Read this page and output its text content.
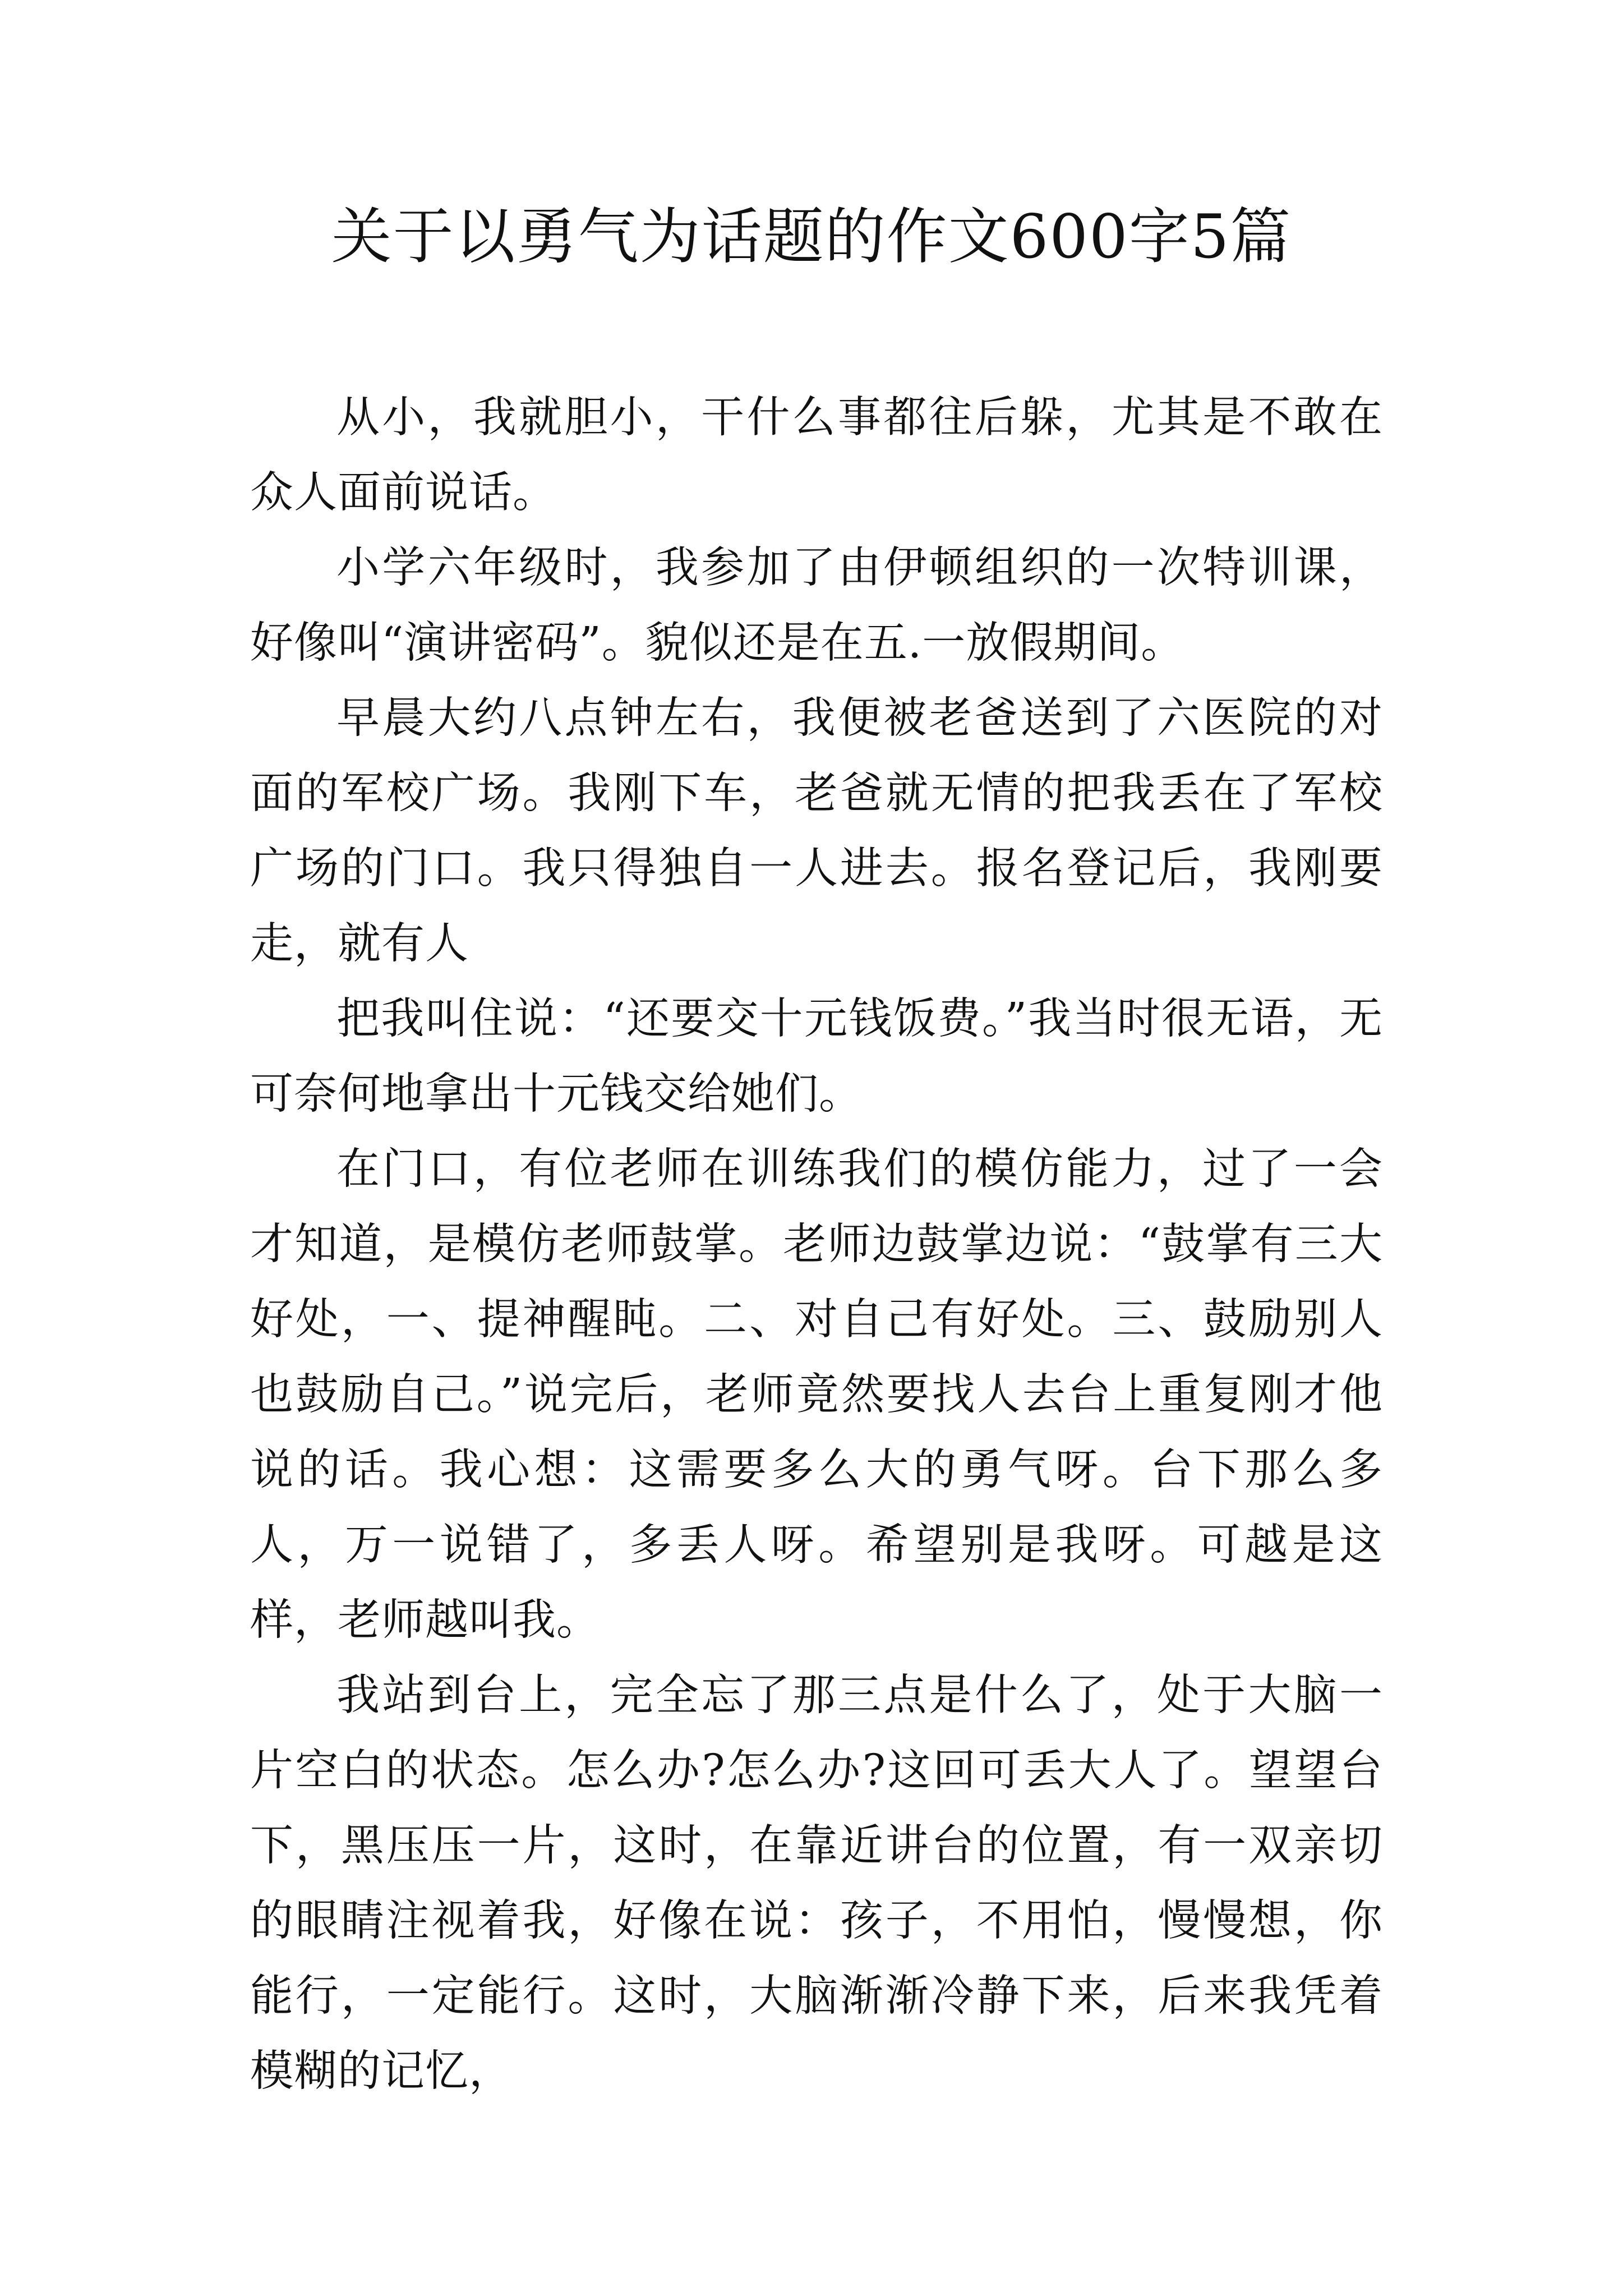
关于以勇气为话题的作文600字5篇

从小，我就胆小，干什么事都往后躲，尤其是不敢在众人面前说话。

小学六年级时，我参加了由伊顿组织的一次特训课，好像叫“演讲密码”。貌似还是在五.一放假期间。

早晨大约八点钟左右，我便被老爸送到了六医院的对面的军校广场。我刚下车，老爸就无情的把我丢在了军校广场的门口。我只得独自一人进去。报名登记后，我刚要走，就有人

把我叫住说：“还要交十元钱饭费。”我当时很无语，无可奈何地拿出十元钱交给她们。

在门口，有位老师在训练我们的模仿能力，过了一会才知道，是模仿老师鼓掌。老师边鼓掌边说：“鼓掌有三大好处，一、提神醒盹。二、对自己有好处。三、鼓励别人也鼓励自己。”说完后，老师竟然要找人去台上重复刚才他说的话。我心想：这需要多么大的勇气呀。台下那么多人，万一说错了，多丢人呀。希望别是我呀。可越是这样，老师越叫我。

我站到台上，完全忘了那三点是什么了，处于大脑一片空白的状态。怎么办?怎么办?这回可丢大人了。望望台下，黑压压一片，这时，在靠近讲台的位置，有一双亲切的眼睛注视着我，好像在说：孩子，不用怕，慢慢想，你能行，一定能行。这时，大脑渐渐冷静下来，后来我凭着模糊的记忆，
